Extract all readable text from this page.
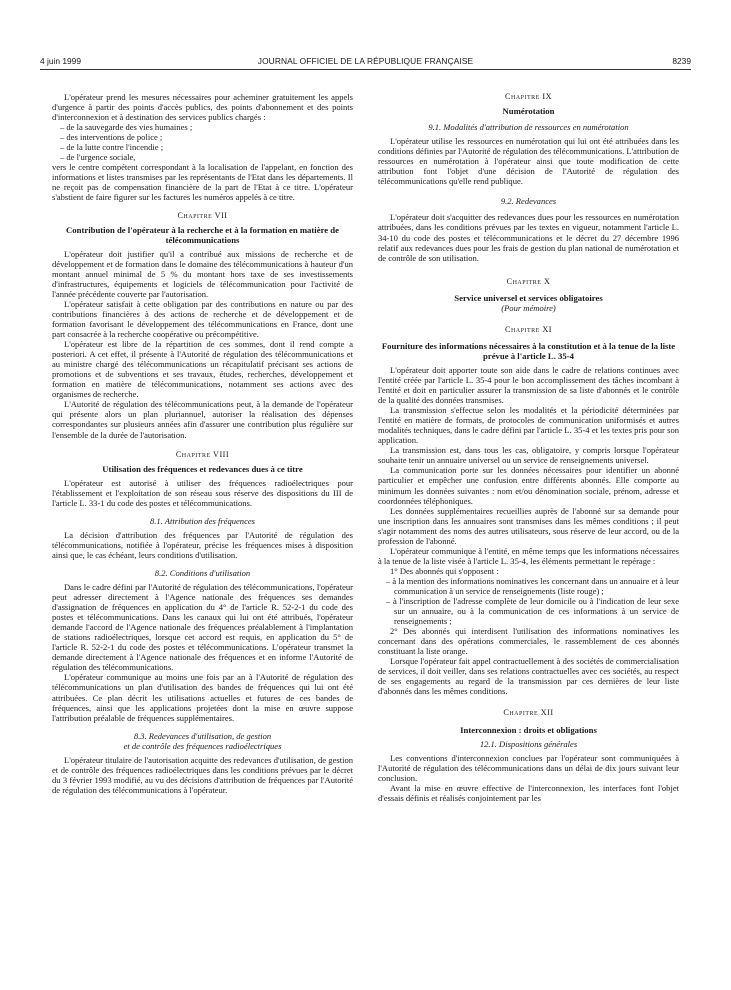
4 juin 1999	JOURNAL OFFICIEL DE LA RÉPUBLIQUE FRANÇAISE	8239

L'opérateur prend les mesures nécessaires pour acheminer gratuitement les appels d'urgence à partir des points d'accès publics, des points d'abonnement et des points d'interconnexion et à destination des services publics chargés :

– de la sauvegarde des vies humaines ;
– des interventions de police ;
– de la lutte contre l'incendie ;
– de l'urgence sociale,

vers le centre compétent correspondant à la localisation de l'appelant, en fonction des informations et listes transmises par les représentants de l'Etat dans les départements. Il ne reçoit pas de compensation financière de la part de l'Etat à ce titre. L'opérateur s'abstient de faire figurer sur les factures les numéros appelés à ce titre.

Chapitre VII
Contribution de l'opérateur à la recherche et à la formation en matière de télécommunications

L'opérateur doit justifier qu'il a contribué aux missions de recherche et de développement et de formation dans le domaine des télécommunications à hauteur d'un montant annuel minimal de 5 % du montant hors taxe de ses investissements d'infrastructures, équipements et logiciels de télécommunication pour l'activité de l'année précédente couverte par l'autorisation.

L'opérateur satisfait à cette obligation par des contributions en nature ou par des contributions financières à des actions de recherche et de développement et de formation favorisant le développement des télécommunications en France, dont une part consacrée à la recherche coopérative ou précompétitive.

L'opérateur est libre de la répartition de ces sommes, dont il rend compte a posteriori. A cet effet, il présente à l'Autorité de régulation des télécommunications et au ministre chargé des télécommunications un récapitulatif précisant ses actions de promotions et de subventions et ses travaux, études, recherches, développement et formation en matière de télécommunications, notamment ses actions avec des organismes de recherche.

L'Autorité de régulation des télécommunications peut, à la demande de l'opérateur qui présente alors un plan pluriannuel, autoriser la réalisation des dépenses correspondantes sur plusieurs années afin d'assurer une contribution plus régulière sur l'ensemble de la durée de l'autorisation.

Chapitre VIII
Utilisation des fréquences et redevances dues à ce titre

L'opérateur est autorisé à utiliser des fréquences radioélectriques pour l'établissement et l'exploitation de son réseau sous réserve des dispositions du III de l'article L. 33-1 du code des postes et télécommunications.

8.1. Attribution des fréquences

La décision d'attribution des fréquences par l'Autorité de régulation des télécommunications, notifiée à l'opérateur, précise les fréquences mises à disposition ainsi que, le cas échéant, leurs conditions d'utilisation.

8.2. Conditions d'utilisation

Dans le cadre défini par l'Autorité de régulation des télécommunications, l'opérateur peut adresser directement à l'Agence nationale des fréquences ses demandes d'assignation de fréquences en application du 4° de l'article R. 52-2-1 du code des postes et télécommunications. Dans les canaux qui lui ont été attribués, l'opérateur demande l'accord de l'Agence nationale des fréquences préalablement à l'implantation de stations radioélectriques, lorsque cet accord est requis, en application du 5° de l'article R. 52-2-1 du code des postes et télécommunications. L'opérateur transmet la demande directement à l'Agence nationale des fréquences et en informe l'Autorité de régulation des télécommunications.

L'opérateur communique au moins une fois par an à l'Autorité de régulation des télécommunications un plan d'utilisation des bandes de fréquences qui lui ont été attribuées. Ce plan décrit les utilisations actuelles et futures de ces bandes de fréquences, ainsi que les applications projetées dont la mise en œuvre suppose l'attribution préalable de fréquences supplémentaires.

8.3. Redevances d'utilisation, de gestion
et de contrôle des fréquences radioélectriques

L'opérateur titulaire de l'autorisation acquitte des redevances d'utilisation, de gestion et de contrôle des fréquences radioélectriques dans les conditions prévues par le décret du 3 février 1993 modifié, au vu des décisions d'attribution de fréquences par l'Autorité de régulation des télécommunications à l'opérateur.

Chapitre IX
Numérotation
9.1. Modalités d'attribution de ressources en numérotation

L'opérateur utilise les ressources en numérotation qui lui ont été attribuées dans les conditions définies par l'Autorité de régulation des télécommunications. L'attribution de ressources en numérotation à l'opérateur ainsi que toute modification de cette attribution font l'objet d'une décision de l'Autorité de régulation des télécommunications qu'elle rend publique.

9.2. Redevances

L'opérateur doit s'acquitter des redevances dues pour les ressources en numérotation attribuées, dans les conditions prévues par les textes en vigueur, notamment l'article L. 34-10 du code des postes et télécommunications et le décret du 27 décembre 1996 relatif aux redevances dues pour les frais de gestion du plan national de numérotation et de contrôle de son utilisation.

Chapitre X
Service universel et services obligatoires
(Pour mémoire)
Chapitre XI
Fourniture des informations nécessaires à la constitution et à la tenue de la liste prévue à l'article L. 35-4

L'opérateur doit apporter toute son aide dans le cadre de relations continues avec l'entité créée par l'article L. 35-4 pour le bon accomplissement des tâches incombant à l'entité et doit en particulier assurer la transmission de sa liste d'abonnés et le contrôle de la qualité des données transmises.

La transmission s'effectue selon les modalités et la périodicité déterminées par l'entité en matière de formats, de protocoles de communication uniformisés et autres modalités techniques, dans le cadre défini par l'article L. 35-4 et les textes pris pour son application.

La transmission est, dans tous les cas, obligatoire, y compris lorsque l'opérateur souhaite tenir un annuaire universel ou un service de renseignements universel.

La communication porte sur les données nécessaires pour identifier un abonné particulier et empêcher une confusion entre différents abonnés. Elle comporte au minimum les données suivantes : nom et/ou dénomination sociale, prénom, adresse et coordonnées téléphoniques.

Les données supplémentaires recueillies auprès de l'abonné sur sa demande pour une inscription dans les annuaires sont transmises dans les mêmes conditions ; il peut s'agir notamment des noms des autres utilisateurs, sous réserve de leur accord, ou de la profession de l'abonné.

L'opérateur communique à l'entité, en même temps que les informations nécessaires à la tenue de la liste visée à l'article L. 35-4, les éléments permettant le repérage :

1° Des abonnés qui s'opposent :

– à la mention des informations nominatives les concernant dans un annuaire et à leur communication à un service de renseignements (liste rouge) ;
– à l'inscription de l'adresse complète de leur domicile ou à l'indication de leur sexe sur un annuaire, ou à la communication de ces informations à un service de renseignements ;

2° Des abonnés qui interdisent l'utilisation des informations nominatives les concernant dans des opérations commerciales, le rassemblement de ces abonnés constituant la liste orange.

Lorsque l'opérateur fait appel contractuellement à des sociétés de commercialisation de services, il doit veiller, dans ses relations contractuelles avec ces sociétés, au respect de ses engagements au regard de la transmission par ces dernières de leur liste d'abonnés dans les mêmes conditions.

Chapitre XII
Interconnexion : droits et obligations
12.1. Dispositions générales

Les conventions d'interconnexion conclues par l'opérateur sont communiquées à l'Autorité de régulation des télécommunications dans un délai de dix jours suivant leur conclusion.

Avant la mise en œuvre effective de l'interconnexion, les interfaces font l'objet d'essais définis et réalisés conjointement par les
